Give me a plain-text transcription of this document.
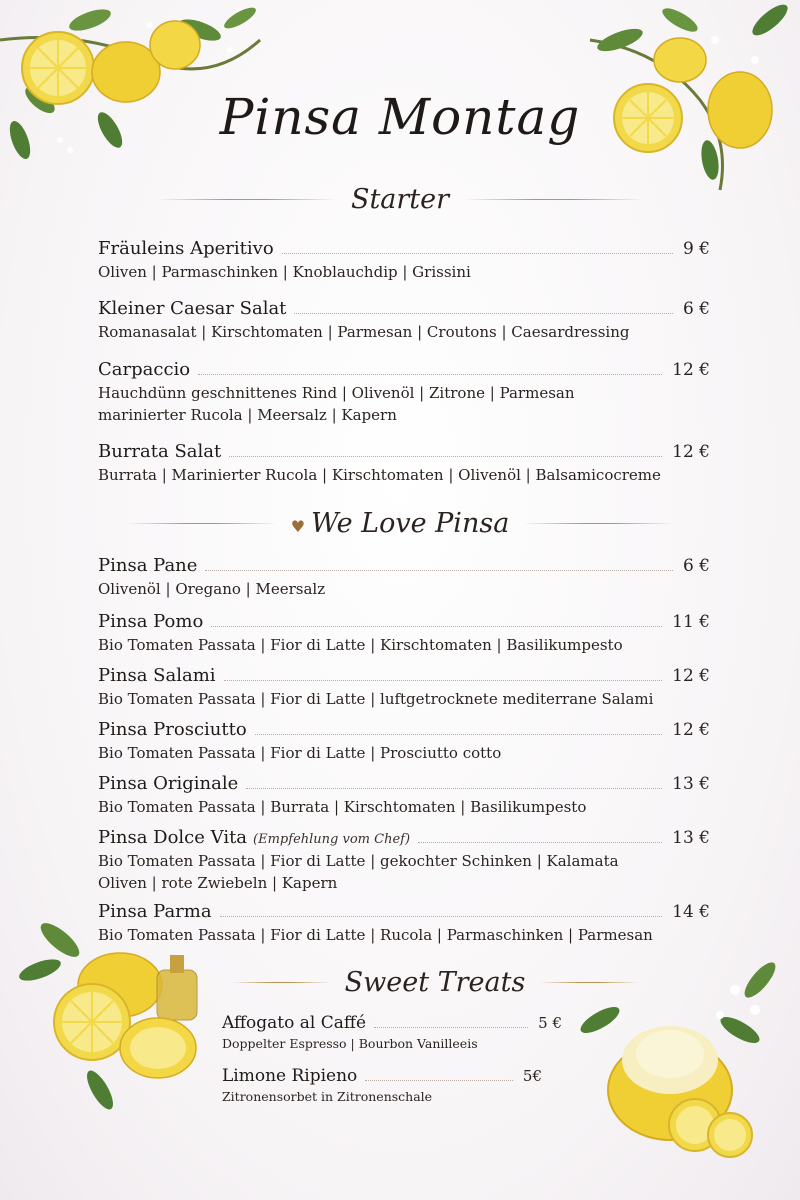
Pinsa Montag
Starter
Fräuleins Aperitivo	9 €
Oliven | Parmaschinken | Knoblauchdip | Grissini
Kleiner Caesar Salat	6 €
Romanasalat | Kirschtomaten | Parmesan | Croutons | Caesardressing
Carpaccio	12 €
Hauchdünn geschnittenes Rind | Olivenöl | Zitrone | Parmesan
marinierter Rucola | Meersalz | Kapern
Burrata Salat	12 €
Burrata | Marinierter Rucola | Kirschtomaten | Olivenöl | Balsamicocreme
♥ We Love Pinsa
Pinsa Pane	6 €
Olivenöl | Oregano | Meersalz
Pinsa Pomo	11 €
Bio Tomaten Passata | Fior di Latte | Kirschtomaten | Basilikumpesto
Pinsa Salami	12 €
Bio Tomaten Passata | Fior di Latte | luftgetrocknete mediterrane Salami
Pinsa Prosciutto	12 €
Bio Tomaten Passata | Fior di Latte | Prosciutto cotto
Pinsa Originale	13 €
Bio Tomaten Passata | Burrata | Kirschtomaten | Basilikumpesto
Pinsa Dolce Vita (Empfehlung vom Chef)	13 €
Bio Tomaten Passata | Fior di Latte | gekochter Schinken | Kalamata
Oliven | rote Zwiebeln | Kapern
Pinsa Parma	14 €
Bio Tomaten Passata | Fior di Latte | Rucola | Parmaschinken | Parmesan
Sweet Treats
Affogato al Caffé	5 €
Doppelter Espresso | Bourbon Vanilleeis
Limone Ripieno	5€
Zitronensorbet in Zitronenschale
